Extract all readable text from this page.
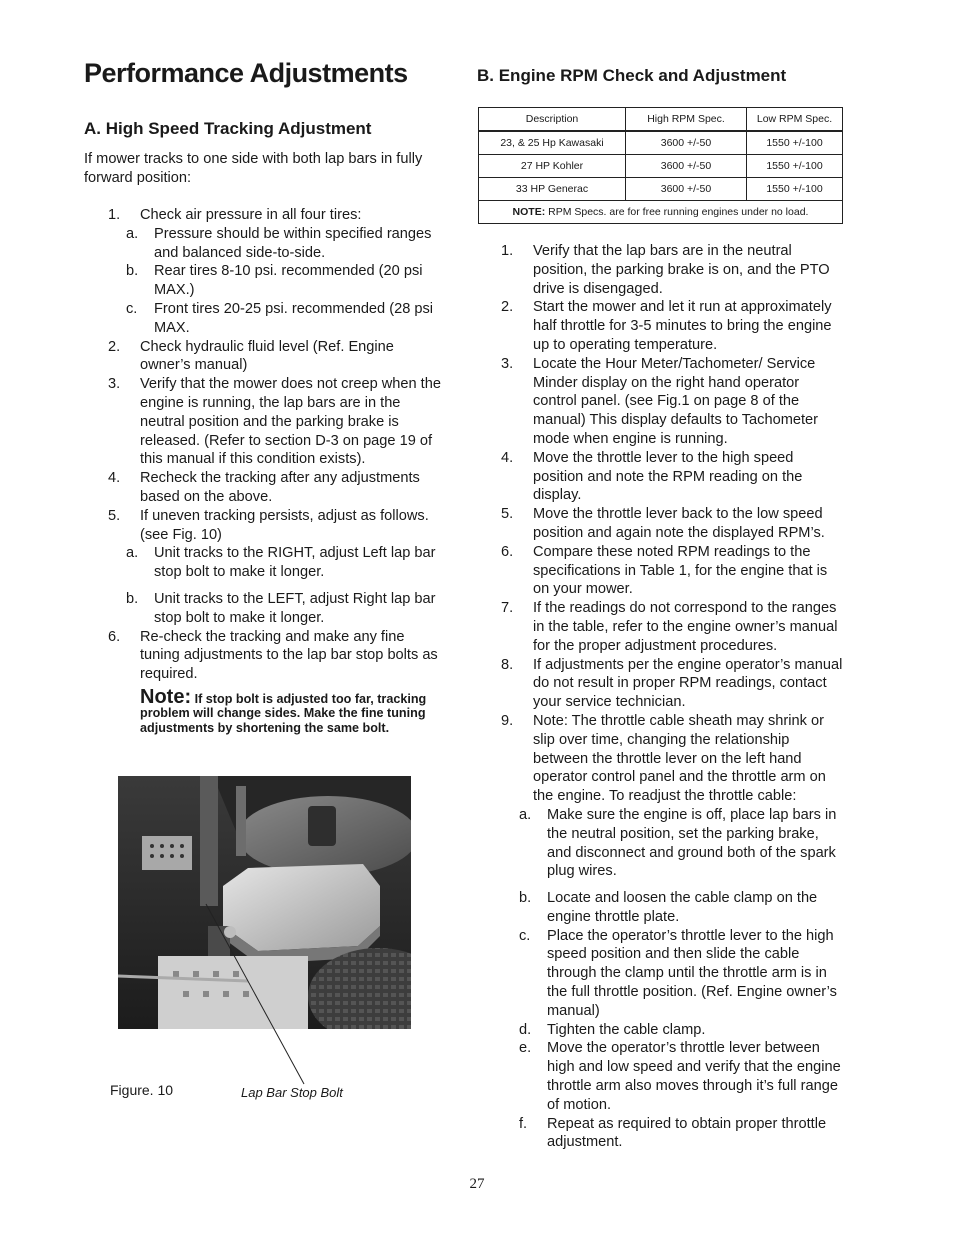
Performance Adjustments
A. High Speed Tracking Adjustment
If mower tracks to one side with both lap bars in fully forward position:
1. Check air pressure in all four tires:
a. Pressure should be within specified ranges and balanced side-to-side.
b. Rear tires 8-10 psi. recommended (20 psi MAX.)
c. Front tires 20-25 psi. recommended (28 psi MAX.
2. Check hydraulic fluid level (Ref. Engine owner’s manual)
3. Verify that the mower does not creep when the engine is running, the lap bars are in the neutral position and the parking brake is released. (Refer to section D-3 on page 19 of this manual if this condition exists).
4. Recheck the tracking after any adjustments based on the above.
5. If uneven tracking persists, adjust as follows. (see Fig. 10)
a. Unit tracks to the RIGHT, adjust Left lap bar stop bolt to make it longer.
b. Unit tracks to the LEFT, adjust Right lap bar stop bolt to make it longer.
6. Re-check the tracking and make any fine tuning adjustments to the lap bar stop bolts as required.
Note: If stop bolt is adjusted too far, tracking problem will change sides. Make the fine tuning adjustments by shortening the same bolt.
Figure. 10	Lap Bar Stop Bolt
B. Engine RPM Check and Adjustment
Description	High RPM Spec.	Low RPM Spec.
23, & 25 Hp Kawasaki	3600 +/-50	1550 +/-100
27 HP Kohler	3600 +/-50	1550 +/-100
33 HP Generac	3600 +/-50	1550 +/-100
NOTE: RPM Specs. are for free running engines under no load.		
1. Verify that the lap bars are in the neutral position, the parking brake is on, and the PTO drive is disengaged.
2. Start the mower and let it run at approximately half throttle for 3-5 minutes to bring the engine up to operating temperature.
3. Locate the Hour Meter/Tachometer/ Service Minder display on the right hand operator control panel. (see Fig.1 on page 8 of the manual) This display defaults to Tachometer mode when engine is running.
4. Move the throttle lever to the high speed position and note the RPM reading on the display.
5. Move the throttle lever back to the low speed position and again note the displayed RPM’s.
6. Compare these noted RPM readings to the specifications in Table 1, for the engine that is on your mower.
7. If the readings do not correspond to the ranges in the table, refer to the engine owner’s manual for the proper adjustment procedures.
8. If adjustments per the engine operator’s manual do not result in proper RPM readings, contact your service technician.
9. Note: The throttle cable sheath may shrink or slip over time, changing the relationship between the throttle lever on the left hand operator control panel and the throttle arm on the engine. To readjust the throttle cable:
a. Make sure the engine is off, place lap bars in the neutral position, set the parking brake, and disconnect and ground both of the spark plug wires.
b. Locate and loosen the cable clamp on the engine throttle plate.
c. Place the operator’s throttle lever to the high speed position and then slide the cable through the clamp until the throttle arm is in the full throttle position. (Ref. Engine owner’s manual)
d. Tighten the cable clamp.
e. Move the operator’s throttle lever between high and low speed and verify that the engine throttle arm also moves through it’s full range of motion.
f. Repeat as required to obtain proper throttle adjustment.
27
